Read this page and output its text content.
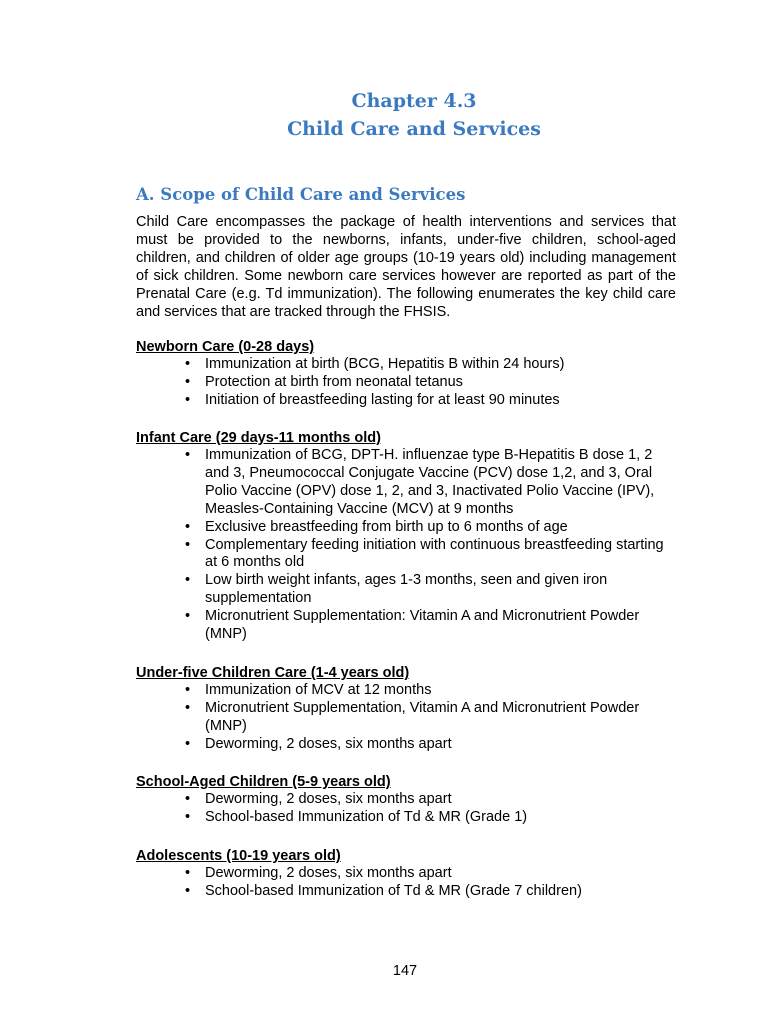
Chapter 4.3
Child Care and Services
A. Scope of Child Care and Services

Child Care encompasses the package of health interventions and services that must be provided to the newborns, infants, under-five children, school-aged children, and children of older age groups (10-19 years old) including management of sick children. Some newborn care services however are reported as part of the Prenatal Care (e.g. Td immunization). The following enumerates the key child care and services that are tracked through the FHSIS.

Newborn Care (0-28 days)
• Immunization at birth (BCG, Hepatitis B within 24 hours)
• Protection at birth from neonatal tetanus
• Initiation of breastfeeding lasting for at least 90 minutes
Infant Care (29 days-11 months old)
• Immunization of BCG, DPT-H. influenzae type B-Hepatitis B dose 1, 2 and 3, Pneumococcal Conjugate Vaccine (PCV) dose 1,2, and 3, Oral Polio Vaccine (OPV) dose 1, 2, and 3, Inactivated Polio Vaccine (IPV), Measles-Containing Vaccine (MCV) at 9 months
• Exclusive breastfeeding from birth up to 6 months of age
• Complementary feeding initiation with continuous breastfeeding starting at 6 months old
• Low birth weight infants, ages 1-3 months, seen and given iron supplementation
• Micronutrient Supplementation: Vitamin A and Micronutrient Powder (MNP)
Under-five Children Care (1-4 years old)
• Immunization of MCV at 12 months
• Micronutrient Supplementation, Vitamin A and Micronutrient Powder (MNP)
• Deworming, 2 doses, six months apart
School-Aged Children (5-9 years old)
• Deworming, 2 doses, six months apart
• School-based Immunization of Td & MR (Grade 1)
Adolescents (10-19 years old)
• Deworming, 2 doses, six months apart
• School-based Immunization of Td & MR (Grade 7 children)
147
